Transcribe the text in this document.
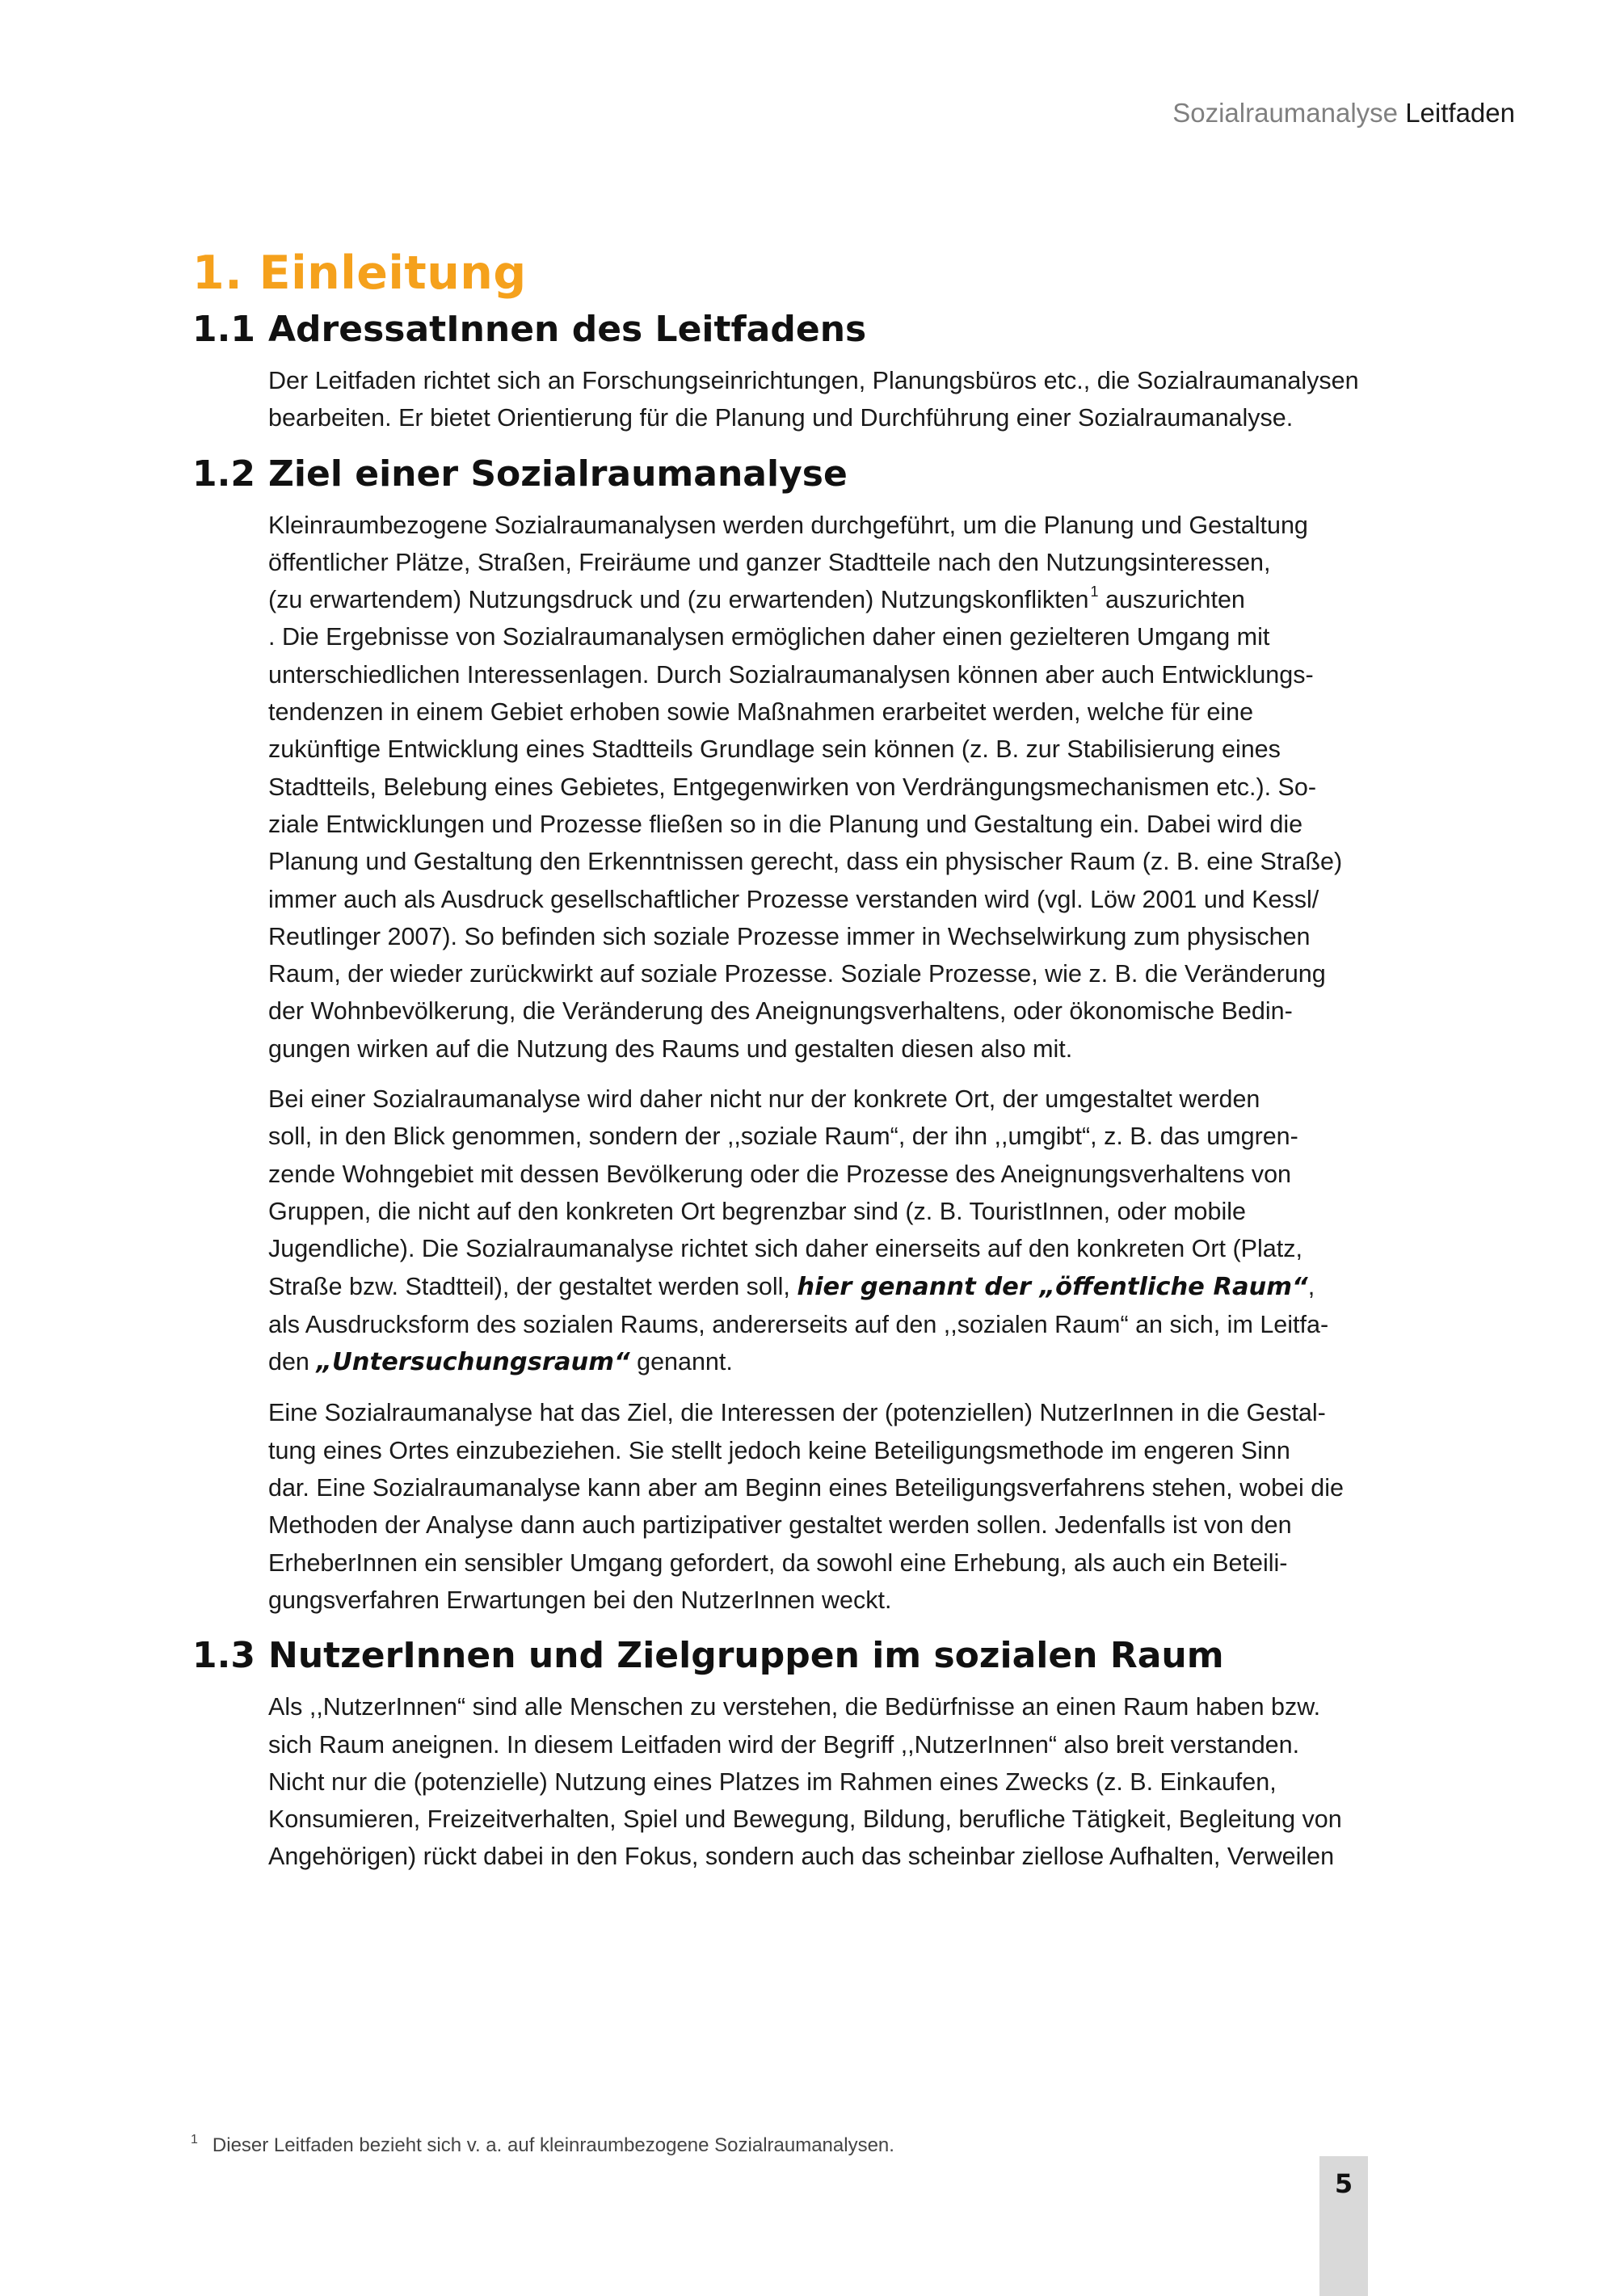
Sozialraumanalyse Leitfaden
1. Einleitung
1.1 AdressatInnen des Leitfadens

Der Leitfaden richtet sich an Forschungseinrichtungen, Planungsbüros etc., die Sozialraumanalysen
bearbeiten. Er bietet Orientierung für die Planung und Durchführung einer Sozialraumanalyse.

1.2 Ziel einer Sozialraumanalyse

Kleinraumbezogene Sozialraumanalysen werden durchgeführt, um die Planung und Gestaltung
öffentlicher Plätze, Straßen, Freiräume und ganzer Stadtteile nach den Nutzungsinteressen,
(zu erwartendem) Nutzungsdruck und (zu erwartenden) Nutzungskonflikten $^1$ auszurichten
. Die Ergebnisse von Sozialraumanalysen ermöglichen daher einen gezielteren Umgang mit
unterschiedlichen Interessenlagen. Durch Sozialraumanalysen können aber auch Entwicklungs-
tendenzen in einem Gebiet erhoben sowie Maßnahmen erarbeitet werden, welche für eine
zukünftige Entwicklung eines Stadtteils Grundlage sein können (z. B. zur Stabilisierung eines
Stadtteils, Belebung eines Gebietes, Entgegenwirken von Verdrängungsmechanismen etc.). So-
ziale Entwicklungen und Prozesse fließen so in die Planung und Gestaltung ein. Dabei wird die
Planung und Gestaltung den Erkenntnissen gerecht, dass ein physischer Raum (z. B. eine Straße)
immer auch als Ausdruck gesellschaftlicher Prozesse verstanden wird (vgl. Löw 2001 und Kessl/
Reutlinger 2007). So befinden sich soziale Prozesse immer in Wechselwirkung zum physischen
Raum, der wieder zurückwirkt auf soziale Prozesse. Soziale Prozesse, wie z. B. die Veränderung
der Wohnbevölkerung, die Veränderung des Aneignungsverhaltens, oder ökonomische Bedin-
gungen wirken auf die Nutzung des Raums und gestalten diesen also mit.

Bei einer Sozialraumanalyse wird daher nicht nur der konkrete Ort, der umgestaltet werden
soll, in den Blick genommen, sondern der ,,soziale Raum“, der ihn ,,umgibt“, z. B. das umgren-
zende Wohngebiet mit dessen Bevölkerung oder die Prozesse des Aneignungsverhaltens von
Gruppen, die nicht auf den konkreten Ort begrenzbar sind (z. B. TouristInnen, oder mobile
Jugendliche). Die Sozialraumanalyse richtet sich daher einerseits auf den konkreten Ort (Platz,
Straße bzw. Stadtteil), der gestaltet werden soll, hier genannt der „öffentliche Raum“,
als Ausdrucksform des sozialen Raums, andererseits auf den ,,sozialen Raum“ an sich, im Leitfa-
den „Untersuchungsraum“ genannt.

Eine Sozialraumanalyse hat das Ziel, die Interessen der (potenziellen) NutzerInnen in die Gestal-
tung eines Ortes einzubeziehen. Sie stellt jedoch keine Beteiligungsmethode im engeren Sinn
dar. Eine Sozialraumanalyse kann aber am Beginn eines Beteiligungsverfahrens stehen, wobei die
Methoden der Analyse dann auch partizipativer gestaltet werden sollen. Jedenfalls ist von den
ErheberInnen ein sensibler Umgang gefordert, da sowohl eine Erhebung, als auch ein Beteili-
gungsverfahren Erwartungen bei den NutzerInnen weckt.

1.3 NutzerInnen und Zielgruppen im sozialen Raum

Als ,,NutzerInnen“ sind alle Menschen zu verstehen, die Bedürfnisse an einen Raum haben bzw.
sich Raum aneignen. In diesem Leitfaden wird der Begriff ,,NutzerInnen“ also breit verstanden.
Nicht nur die (potenzielle) Nutzung eines Platzes im Rahmen eines Zwecks (z. B. Einkaufen,
Konsumieren, Freizeitverhalten, Spiel und Bewegung, Bildung, berufliche Tätigkeit, Begleitung von
Angehörigen) rückt dabei in den Fokus, sondern auch das scheinbar ziellose Aufhalten, Verweilen

$^1$ Dieser Leitfaden bezieht sich v. a. auf kleinraumbezogene Sozialraumanalysen.
5
